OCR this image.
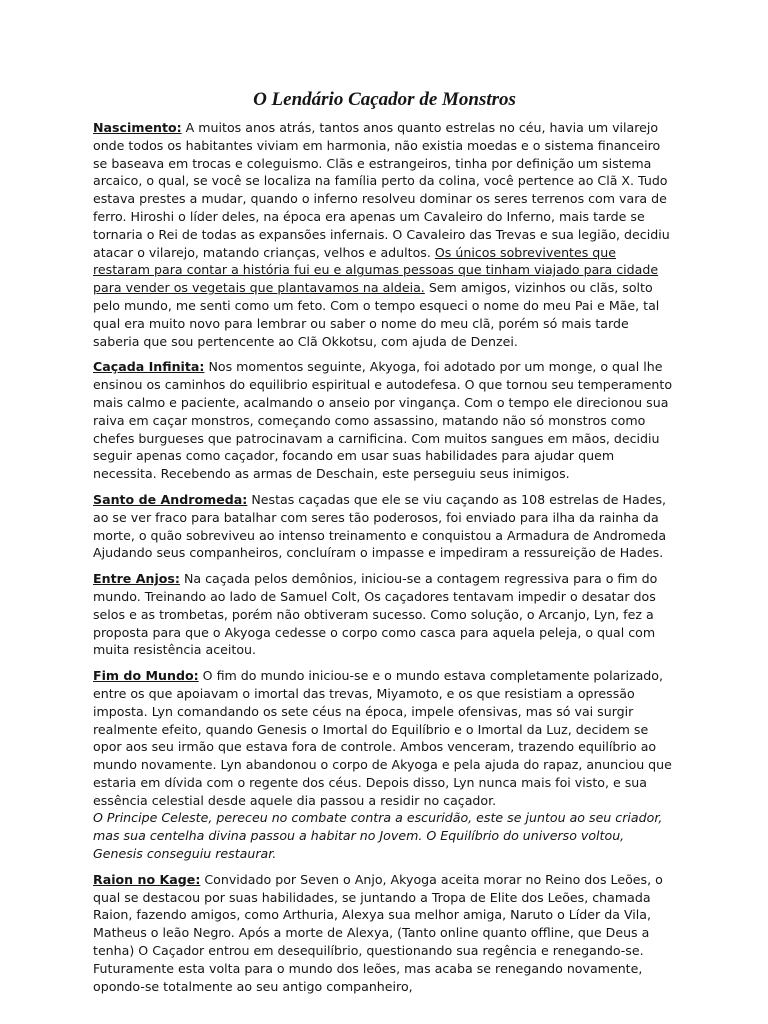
O Lendário Caçador de Monstros

Nascimento: A muitos anos atrás, tantos anos quanto estrelas no céu, havia um vilarejo onde todos os habitantes viviam em harmonia, não existia moedas e o sistema financeiro se baseava em trocas e coleguismo. Clãs e estrangeiros, tinha por definição um sistema arcaico, o qual, se você se localiza na família perto da colina, você pertence ao Clã X. Tudo estava prestes a mudar, quando o inferno resolveu dominar os seres terrenos com vara de ferro. Hiroshi o líder deles, na época era apenas um Cavaleiro do Inferno, mais tarde se tornaria o Rei de todas as expansões infernais. O Cavaleiro das Trevas e sua legião, decidiu atacar o vilarejo, matando crianças, velhos e adultos. Os únicos sobreviventes que restaram para contar a história fui eu e algumas pessoas que tinham viajado para cidade para vender os vegetais que plantavamos na aldeia. Sem amigos, vizinhos ou clãs, solto pelo mundo, me senti como um feto. Com o tempo esqueci o nome do meu Pai e Mãe, tal qual era muito novo para lembrar ou saber o nome do meu clã, porém só mais tarde saberia que sou pertencente ao Clã Okkotsu, com ajuda de Denzei.

Caçada Infinita: Nos momentos seguinte, Akyoga, foi adotado por um monge, o qual lhe ensinou os caminhos do equilibrio espiritual e autodefesa. O que tornou seu temperamento mais calmo e paciente, acalmando o anseio por vingança. Com o tempo ele direcionou sua raiva em caçar monstros, começando como assassino, matando não só monstros como chefes burgueses que patrocinavam a carnificina. Com muitos sangues em mãos, decidiu seguir apenas como caçador, focando em usar suas habilidades para ajudar quem necessita. Recebendo as armas de Deschain, este perseguiu seus inimigos.

Santo de Andromeda: Nestas caçadas que ele se viu caçando as 108 estrelas de Hades, ao se ver fraco para batalhar com seres tão poderosos, foi enviado para ilha da rainha da morte, o quão sobreviveu ao intenso treinamento e conquistou a Armadura de Andromeda Ajudando seus companheiros, concluíram o impasse e impediram a ressureição de Hades.

Entre Anjos: Na caçada pelos demônios, iniciou-se a contagem regressiva para o fim do mundo. Treinando ao lado de Samuel Colt, Os caçadores tentavam impedir o desatar dos selos e as trombetas, porém não obtiveram sucesso. Como solução, o Arcanjo, Lyn, fez a proposta para que o Akyoga cedesse o corpo como casca para aquela peleja, o qual com muita resistência aceitou.

Fim do Mundo: O fim do mundo iniciou-se e o mundo estava completamente polarizado, entre os que apoiavam o imortal das trevas, Miyamoto, e os que resistiam a opressão imposta. Lyn comandando os sete céus na época, impele ofensivas, mas só vai surgir realmente efeito, quando Genesis o Imortal do Equilíbrio e o Imortal da Luz, decidem se opor aos seu irmão que estava fora de controle. Ambos venceram, trazendo equilíbrio ao mundo novamente. Lyn abandonou o corpo de Akyoga e pela ajuda do rapaz, anunciou que estaria em dívida com o regente dos céus. Depois disso, Lyn nunca mais foi visto, e sua essência celestial desde aquele dia passou a residir no caçador.
O Principe Celeste, pereceu no combate contra a escuridão, este se juntou ao seu criador, mas sua centelha divina passou a habitar no Jovem. O Equilíbrio do universo voltou, Genesis conseguiu restaurar.

Raion no Kage: Convidado por Seven o Anjo, Akyoga aceita morar no Reino dos Leões, o qual se destacou por suas habilidades, se juntando a Tropa de Elite dos Leões, chamada Raion, fazendo amigos, como Arthuria, Alexya sua melhor amiga, Naruto o Líder da Vila, Matheus o leão Negro. Após a morte de Alexya, (Tanto online quanto offline, que Deus a tenha) O Caçador entrou em desequilíbrio, questionando sua regência e renegando-se. Futuramente esta volta para o mundo dos leões, mas acaba se renegando novamente, opondo-se totalmente ao seu antigo companheiro,
